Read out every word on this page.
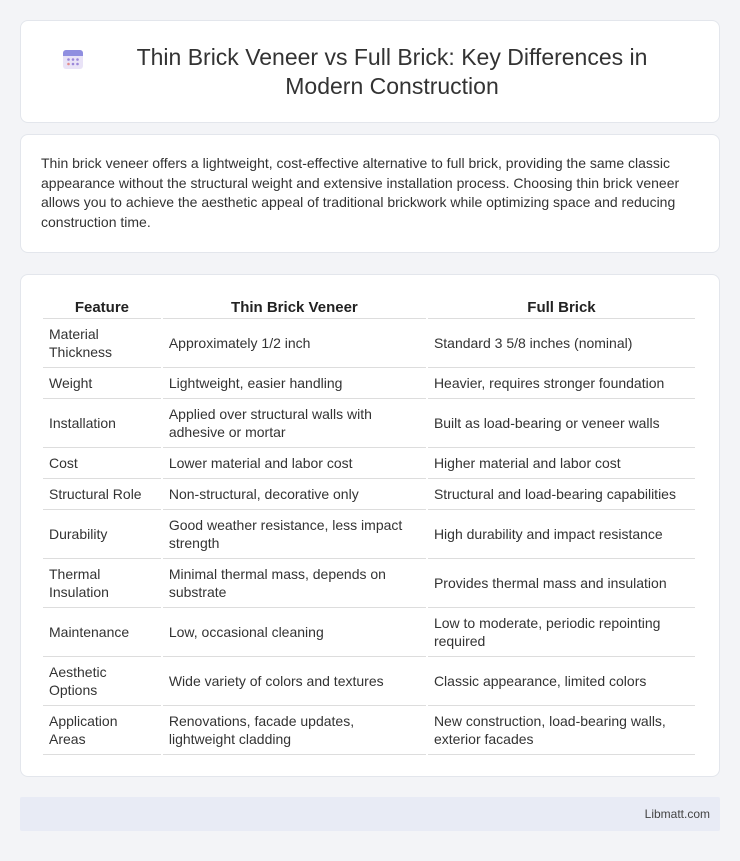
Thin Brick Veneer vs Full Brick: Key Differences in Modern Construction

Thin brick veneer offers a lightweight, cost-effective alternative to full brick, providing the same classic appearance without the structural weight and extensive installation process. Choosing thin brick veneer allows you to achieve the aesthetic appeal of traditional brickwork while optimizing space and reducing construction time.

Feature	Thin Brick Veneer	Full Brick
Material Thickness	Approximately 1/2 inch	Standard 3 5/8 inches (nominal)
Weight	Lightweight, easier handling	Heavier, requires stronger foundation
Installation	Applied over structural walls with adhesive or mortar	Built as load-bearing or veneer walls
Cost	Lower material and labor cost	Higher material and labor cost
Structural Role	Non-structural, decorative only	Structural and load-bearing capabilities
Durability	Good weather resistance, less impact strength	High durability and impact resistance
Thermal Insulation	Minimal thermal mass, depends on substrate	Provides thermal mass and insulation
Maintenance	Low, occasional cleaning	Low to moderate, periodic repointing required
Aesthetic Options	Wide variety of colors and textures	Classic appearance, limited colors
Application Areas	Renovations, facade updates, lightweight cladding	New construction, load-bearing walls, exterior facades
Libmatt.com
